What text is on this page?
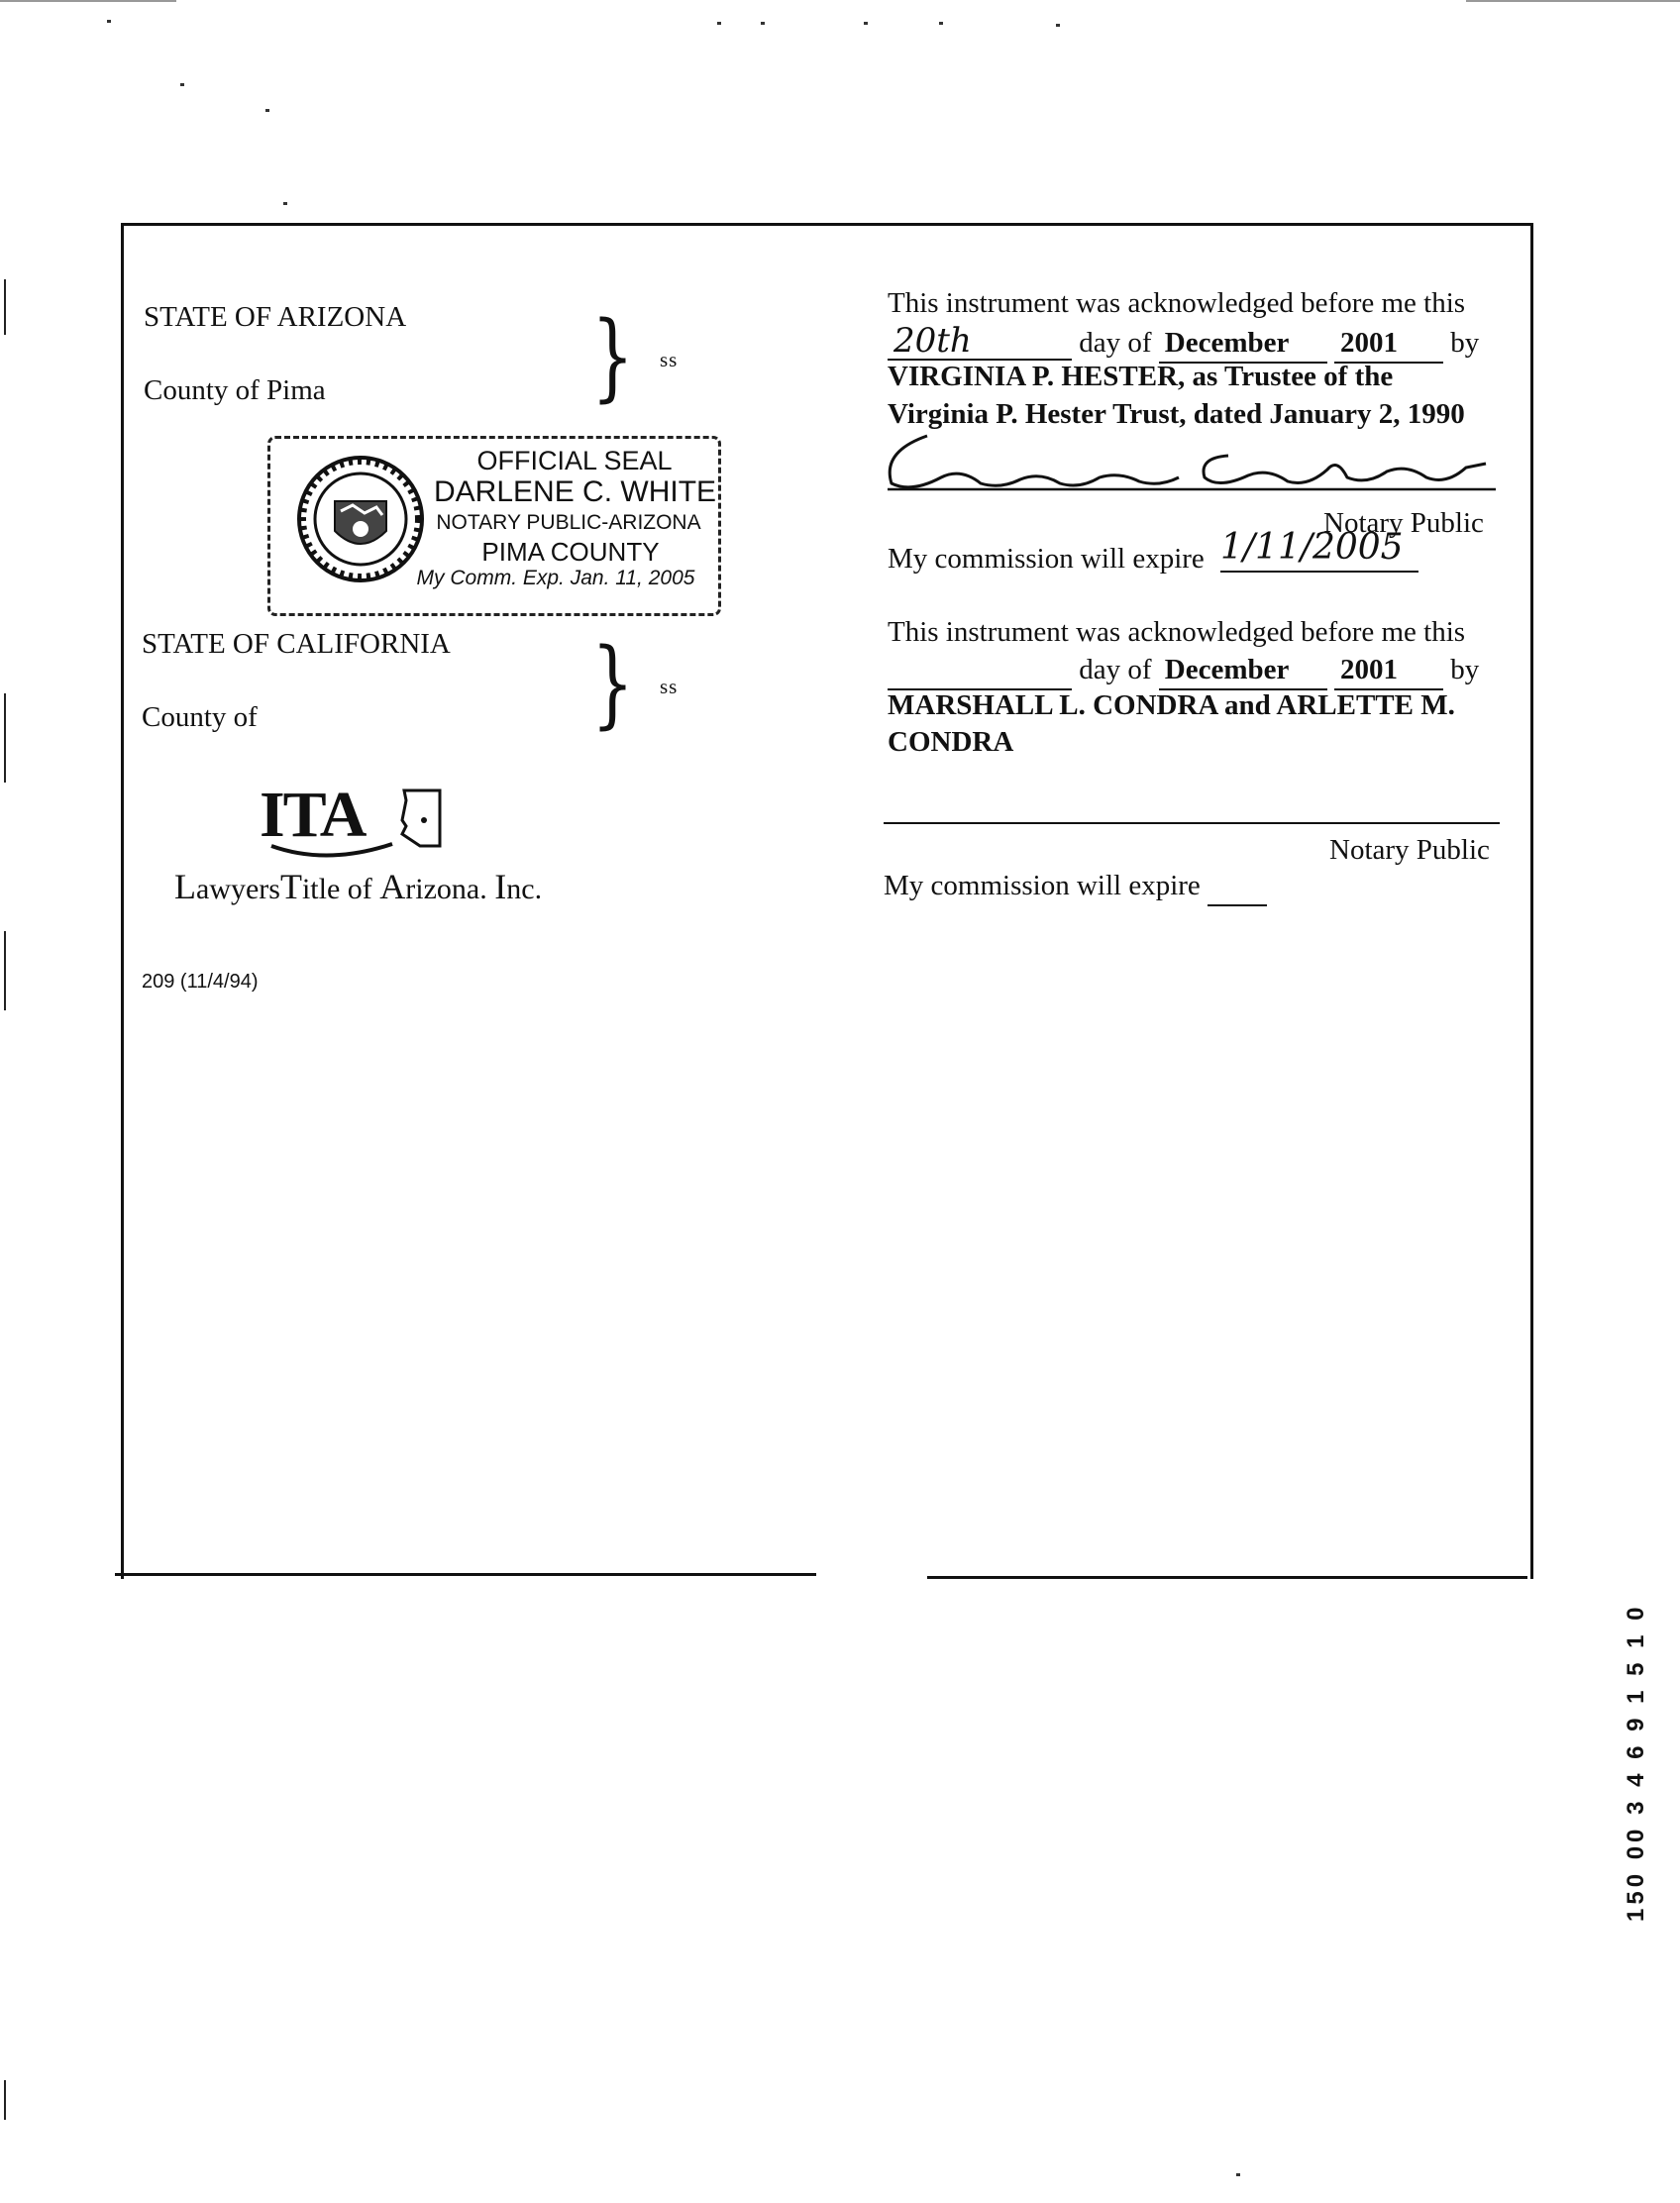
STATE OF ARIZONA
County of Pima	} ss
OFFICIAL SEAL
DARLENE C. WHITE
NOTARY PUBLIC-ARIZONA
PIMA COUNTY
My Comm. Exp. Jan. 11, 2005
STATE OF CALIFORNIA
County of	} ss
ITA
LawyersTitle of Arizona. Inc.
209 (11/4/94)
This instrument was acknowledged before me this
20th	day of December 2001 by
VIRGINIA P. HESTER, as Trustee of the
Virginia P. Hester Trust, dated January 2, 1990
Notary Public
My commission will expire 1/11/2005
This instrument was acknowledged before me this
day of December 2001 by
MARSHALL L. CONDRA and ARLETTE M.
CONDRA
Notary Public
My commission will expire
150 00 3 4 6 9 1 5 1 0
